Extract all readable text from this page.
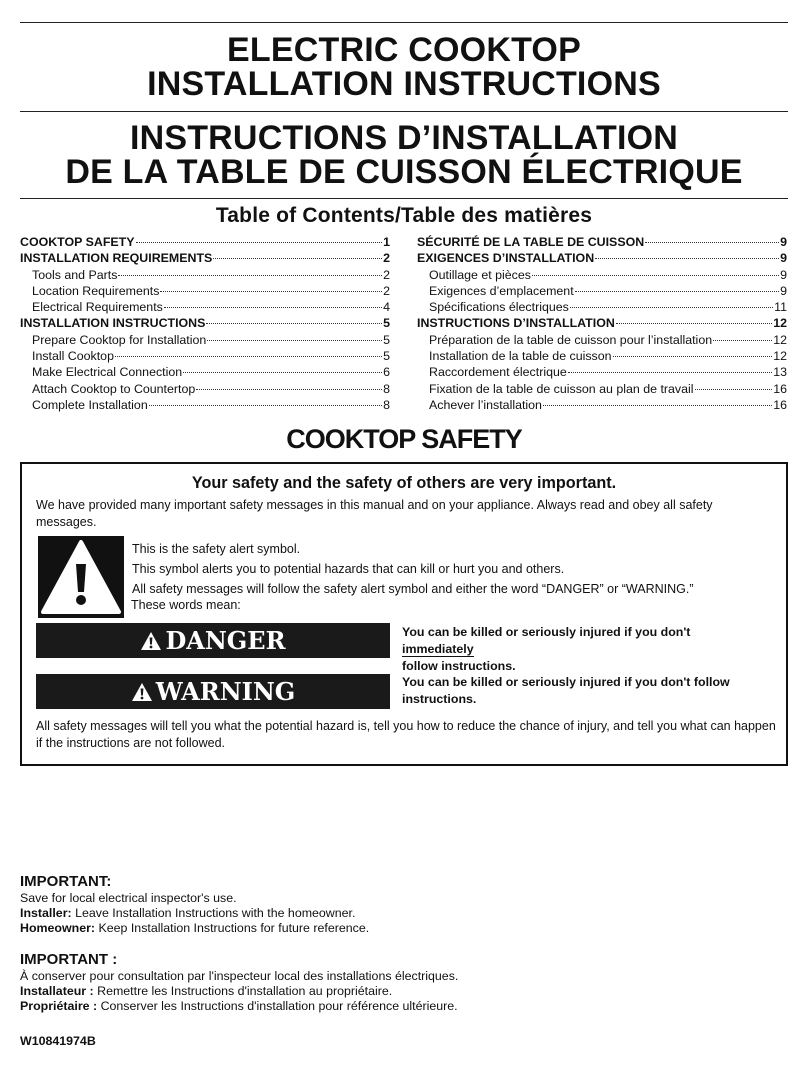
ELECTRIC COOKTOP
INSTALLATION INSTRUCTIONS
INSTRUCTIONS D’INSTALLATION
DE LA TABLE DE CUISSON ÉLECTRIQUE
Table of Contents/Table des matières
COOKTOP SAFETY	1
INSTALLATION REQUIREMENTS	2
Tools and Parts	2
Location Requirements	2
Electrical Requirements	4
INSTALLATION INSTRUCTIONS	5
Prepare Cooktop for Installation	5
Install Cooktop	5
Make Electrical Connection	6
Attach Cooktop to Countertop	8
Complete Installation	8
SÉCURITÉ DE LA TABLE DE CUISSON	9
EXIGENCES D’INSTALLATION	9
Outillage et pièces	9
Exigences d’emplacement	9
Spécifications électriques	11
INSTRUCTIONS D’INSTALLATION	12
Préparation de la table de cuisson pour l’installation	12
Installation de la table de cuisson	12
Raccordement électrique	13
Fixation de la table de cuisson au plan de travail	16
Achever l’installation	16
COOKTOP SAFETY
Your safety and the safety of others are very important.
We have provided many important safety messages in this manual and on your appliance. Always read and obey all safety messages.
This is the safety alert symbol.
This symbol alerts you to potential hazards that can kill or hurt you and others.
All safety messages will follow the safety alert symbol and either the word “DANGER” or “WARNING.”
These words mean:
DANGER	You can be killed or seriously injured if you don't immediately
follow instructions.
WARNING	You can be killed or seriously injured if you don't follow instructions.
All safety messages will tell you what the potential hazard is, tell you how to reduce the chance of injury, and tell you what can happen if the instructions are not followed.
IMPORTANT:
Save for local electrical inspector's use.
Installer: Leave Installation Instructions with the homeowner.
Homeowner: Keep Installation Instructions for future reference.
IMPORTANT :
À conserver pour consultation par l'inspecteur local des installations électriques.
Installateur : Remettre les Instructions d'installation au propriétaire.
Propriétaire : Conserver les Instructions d'installation pour référence ultérieure.
W10841974B
